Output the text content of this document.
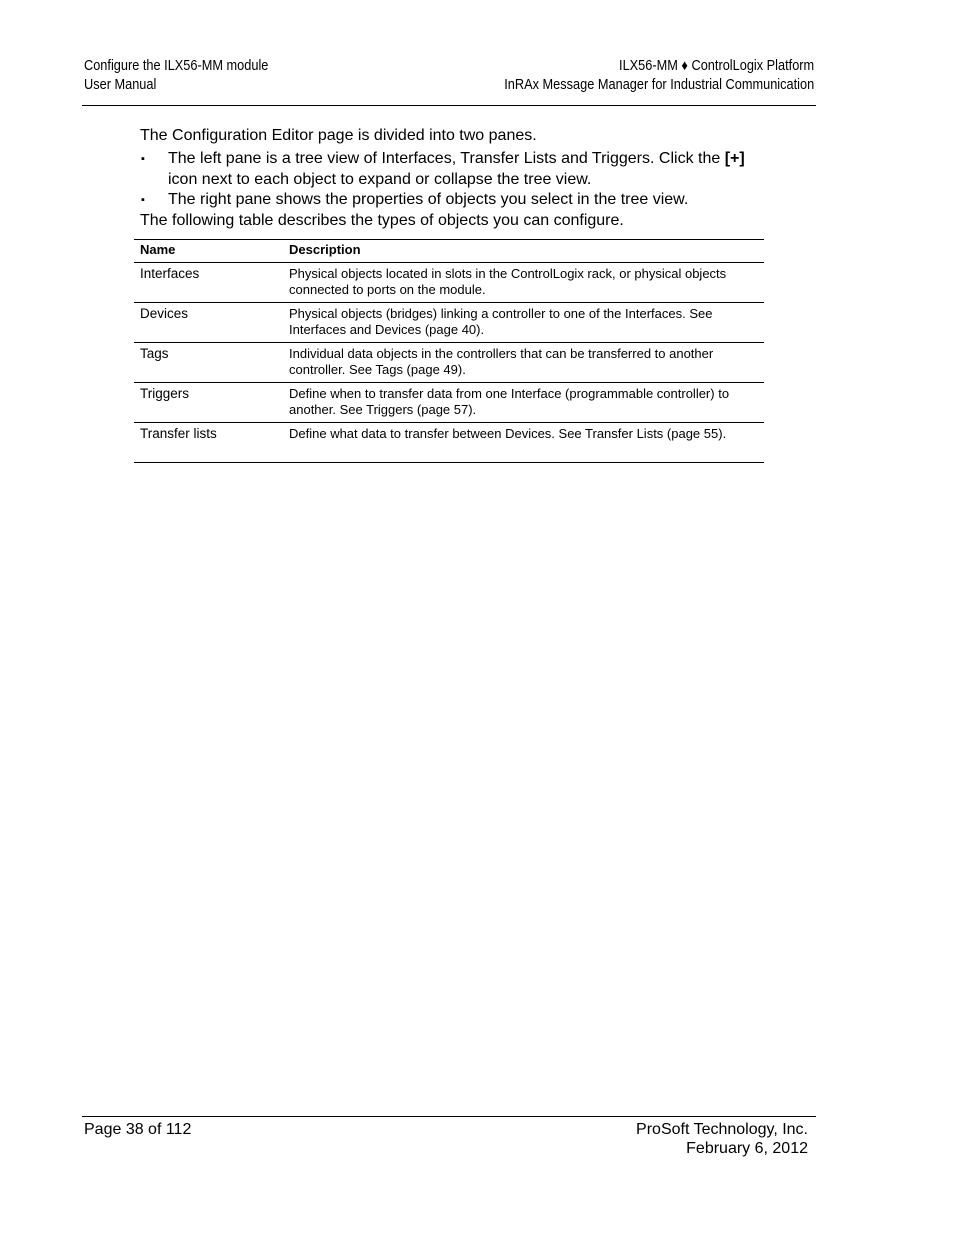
Configure the ILX56-MM module
User Manual
ILX56-MM ♦ ControlLogix Platform
InRAx Message Manager for Industrial Communication
The Configuration Editor page is divided into two panes.
▪ The left pane is a tree view of Interfaces, Transfer Lists and Triggers. Click the [+] icon next to each object to expand or collapse the tree view.
▪ The right pane shows the properties of objects you select in the tree view.
The following table describes the types of objects you can configure.
Name	Description
Interfaces	Physical objects located in slots in the ControlLogix rack, or physical objects connected to ports on the module.
Devices	Physical objects (bridges) linking a controller to one of the Interfaces. See Interfaces and Devices (page 40).
Tags	Individual data objects in the controllers that can be transferred to another controller. See Tags (page 49).
Triggers	Define when to transfer data from one Interface (programmable controller) to another. See Triggers (page 57).
Transfer lists	Define what data to transfer between Devices. See Transfer Lists (page 55).
Page 38 of 112	ProSoft Technology, Inc.
February 6, 2012
